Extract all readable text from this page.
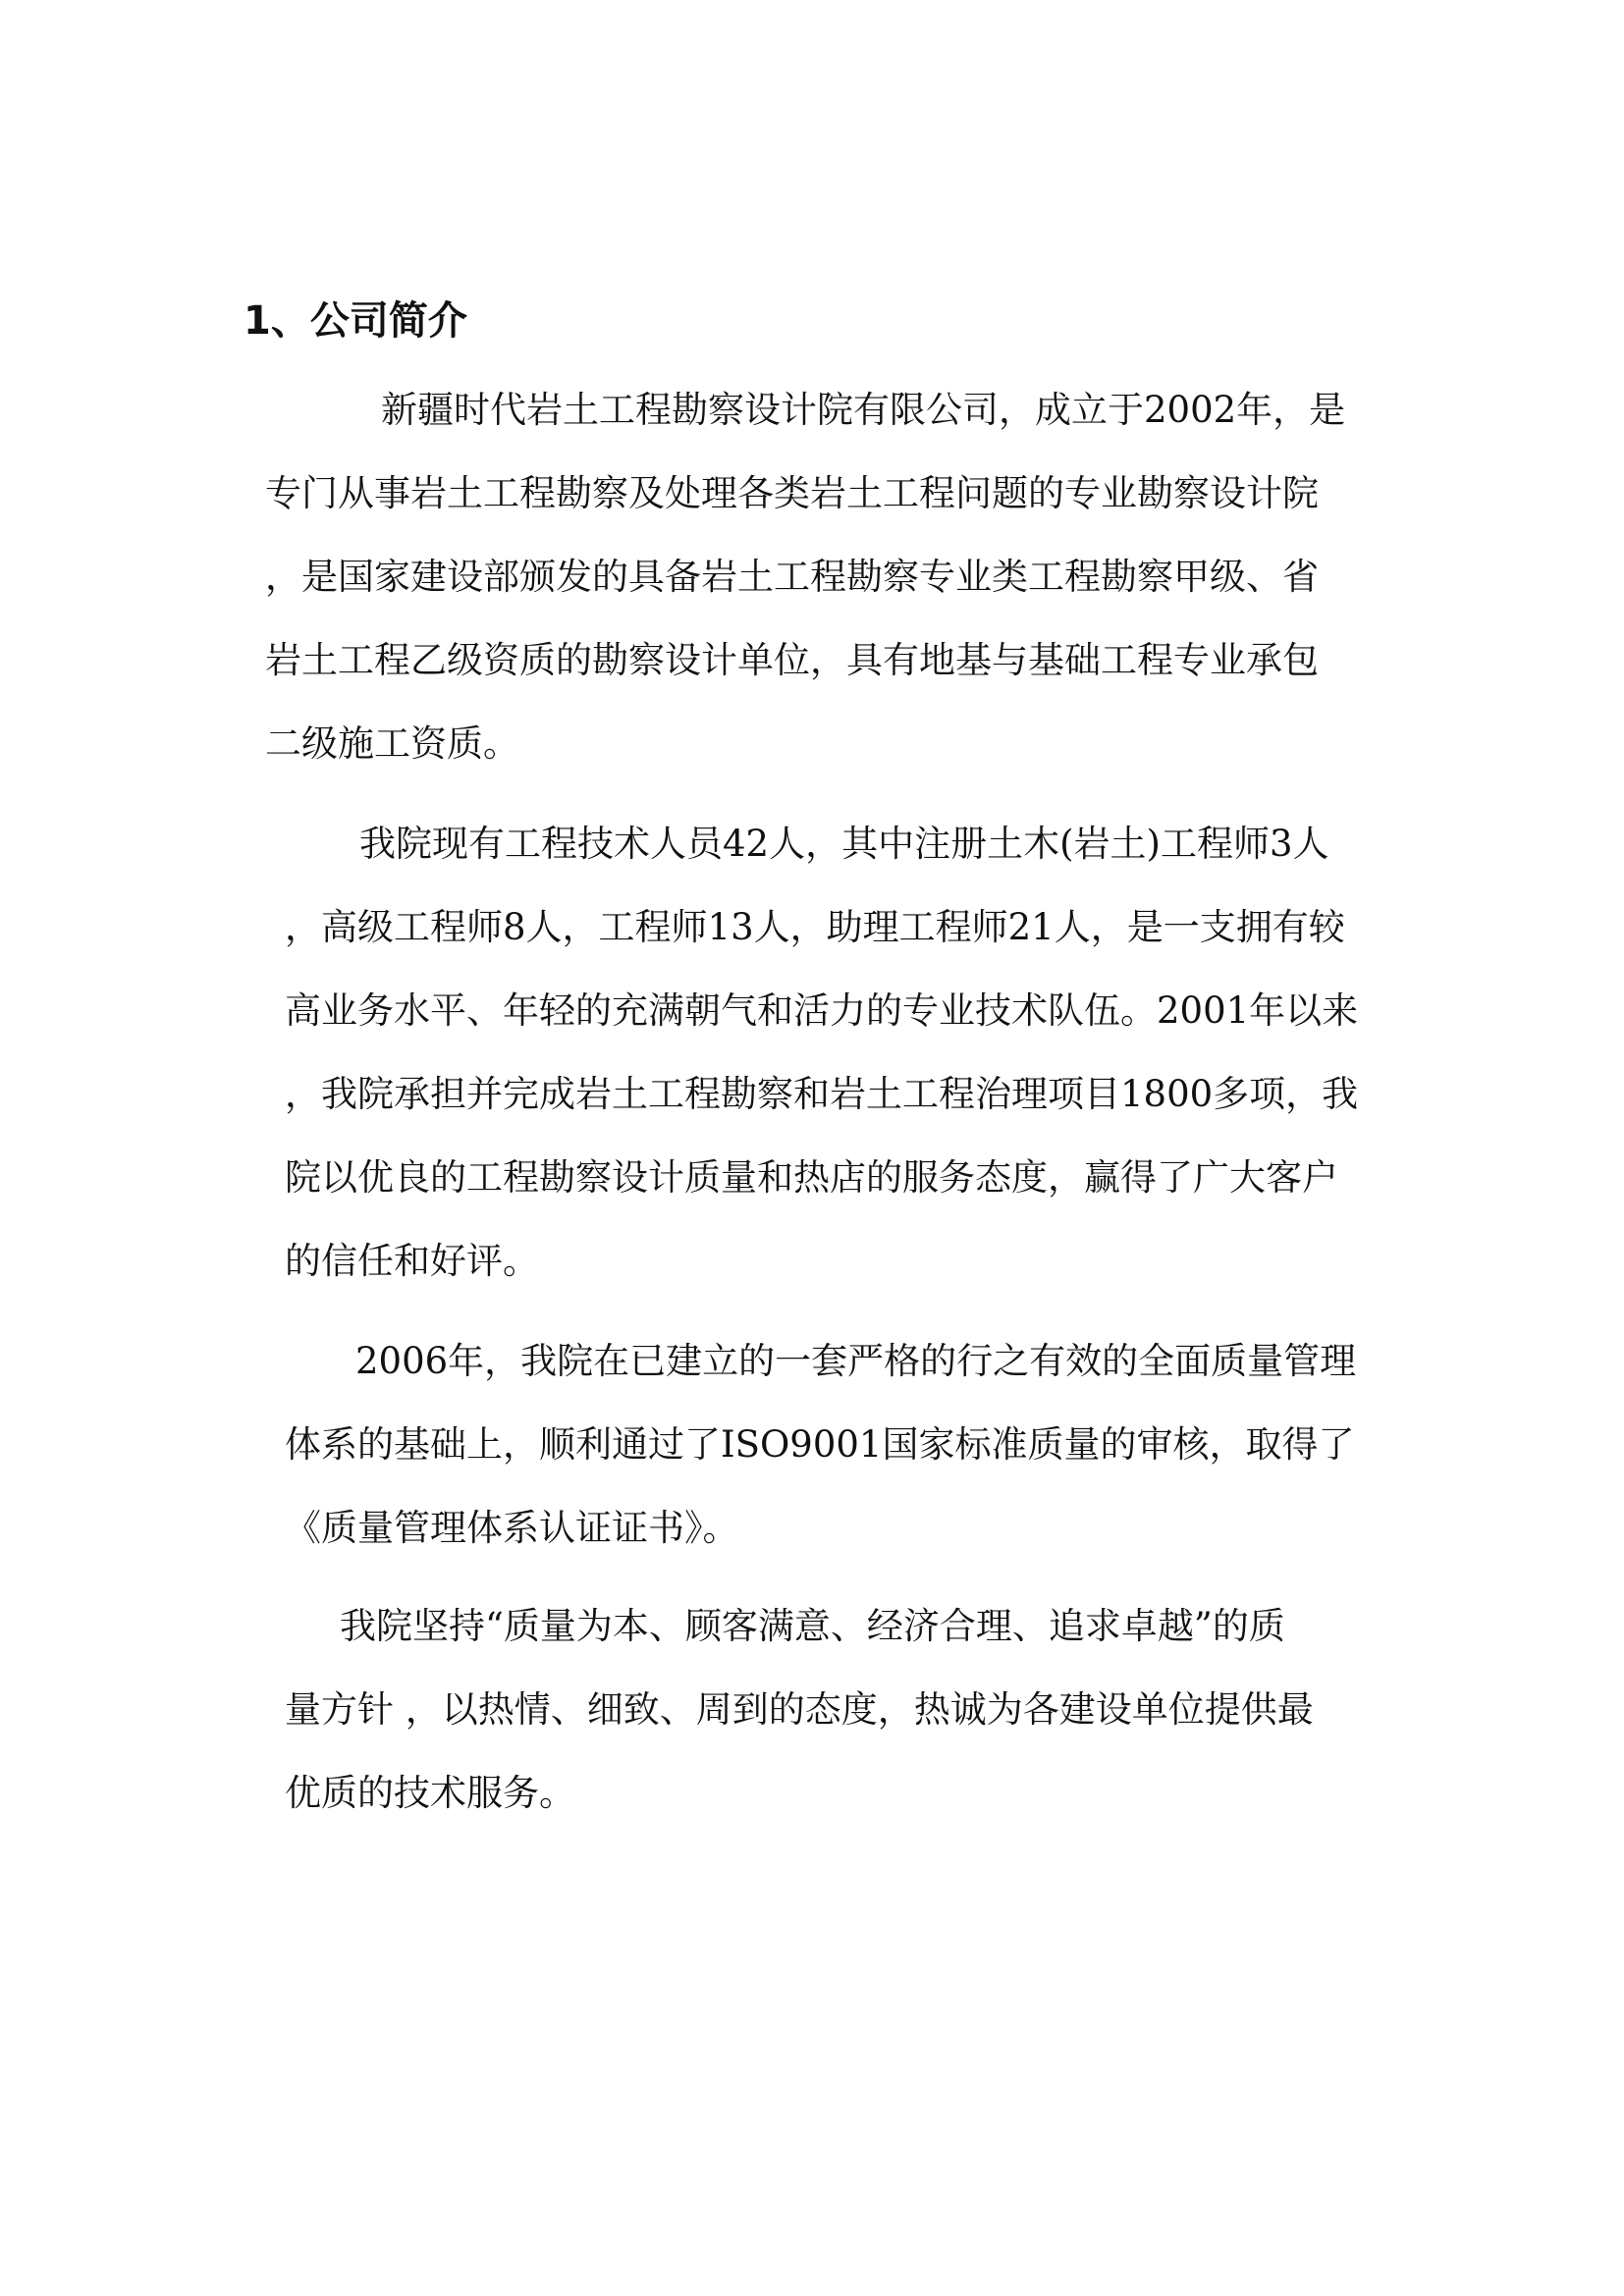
1、公司简介

新疆时代岩土工程勘察设计院有限公司，成立于2002年，是

专门从事岩土工程勘察及处理各类岩土工程问题的专业勘察设计院

，是国家建设部颁发的具备岩土工程勘察专业类工程勘察甲级、省

岩土工程乙级资质的勘察设计单位，具有地基与基础工程专业承包

二级施工资质。

我院现有工程技术人员42人，其中注册土木(岩土)工程师3人

，高级工程师8人，工程师13人，助理工程师21人，是一支拥有较

高业务水平、年轻的充满朝气和活力的专业技术队伍。2001年以来

，我院承担并完成岩土工程勘察和岩土工程治理项目1800多项，我

院以优良的工程勘察设计质量和热店的服务态度，赢得了广大客户

的信任和好评。

2006年，我院在已建立的一套严格的行之有效的全面质量管理

体系的基础上，顺利通过了ISO9001国家标准质量的审核，取得了

《质量管理体系认证证书》。

我院坚持“质量为本、顾客满意、经济合理、追求卓越”的质

量方针 ，以热情、细致、周到的态度，热诚为各建设单位提供最

优质的技术服务。
